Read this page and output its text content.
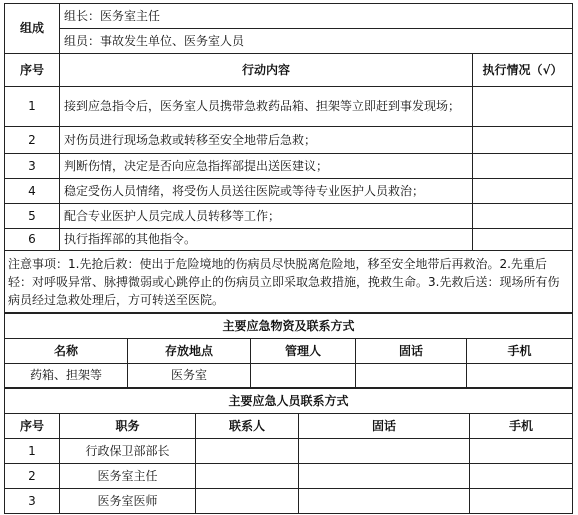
组成	组长：医务室主任	
	组员：事故发生单位、医务室人员	
序号	行动内容	执行情况（√）
1	接到应急指令后，医务室人员携带急救药品箱、担架等立即赶到事发现场；	
2	对伤员进行现场急救或转移至安全地带后急救；	
3	判断伤情，决定是否向应急指挥部提出送医建议；	
4	稳定受伤人员情绪，将受伤人员送往医院或等待专业医护人员救治；	
5	配合专业医护人员完成人员转移等工作；	
6	执行指挥部的其他指令。	
注意事项：1.先抢后救：使出于危险境地的伤病员尽快脱离危险地，移至安全地带后再救治。2.先重后轻：对呼吸异常、脉搏微弱或心跳停止的伤病员立即采取急救措施，挽救生命。3.先救后送：现场所有伤病员经过急救处理后，方可转送至医院。		
主要应急物资及联系方式				
名称	存放地点	管理人	固话	手机
药箱、担架等	医务室			
主要应急人员联系方式				
序号	职务	联系人	固话	手机
1	行政保卫部部长			
2	医务室主任			
3	医务室医师			
